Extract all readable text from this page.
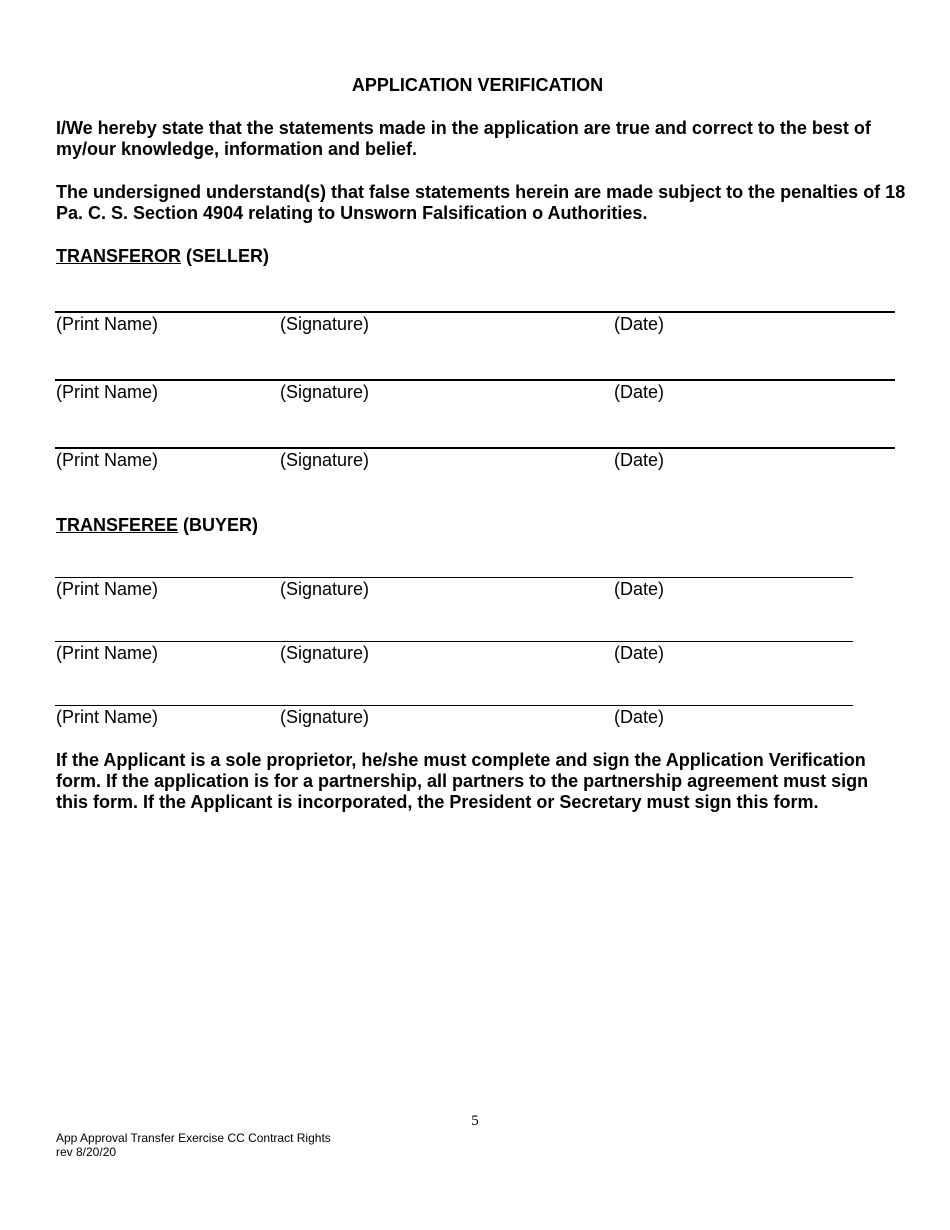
APPLICATION VERIFICATION
I/We hereby state that the statements made in the application are true and correct to the best of my/our knowledge, information and belief.
The undersigned understand(s) that false statements herein are made subject to the penalties of 18 Pa. C. S. Section 4904 relating to Unsworn Falsification o Authorities.
TRANSFEROR (SELLER)
(Print Name)	(Signature)	(Date)
(Print Name)	(Signature)	(Date)
(Print Name)	(Signature)	(Date)
TRANSFEREE (BUYER)
(Print Name)	(Signature)	(Date)
(Print Name)	(Signature)	(Date)
(Print Name)	(Signature)	(Date)
If the Applicant is a sole proprietor, he/she must complete and sign the Application Verification form. If the application is for a partnership, all partners to the partnership agreement must sign this form. If the Applicant is incorporated, the President or Secretary must sign this form.
5
App Approval Transfer Exercise CC Contract Rights
rev 8/20/20
